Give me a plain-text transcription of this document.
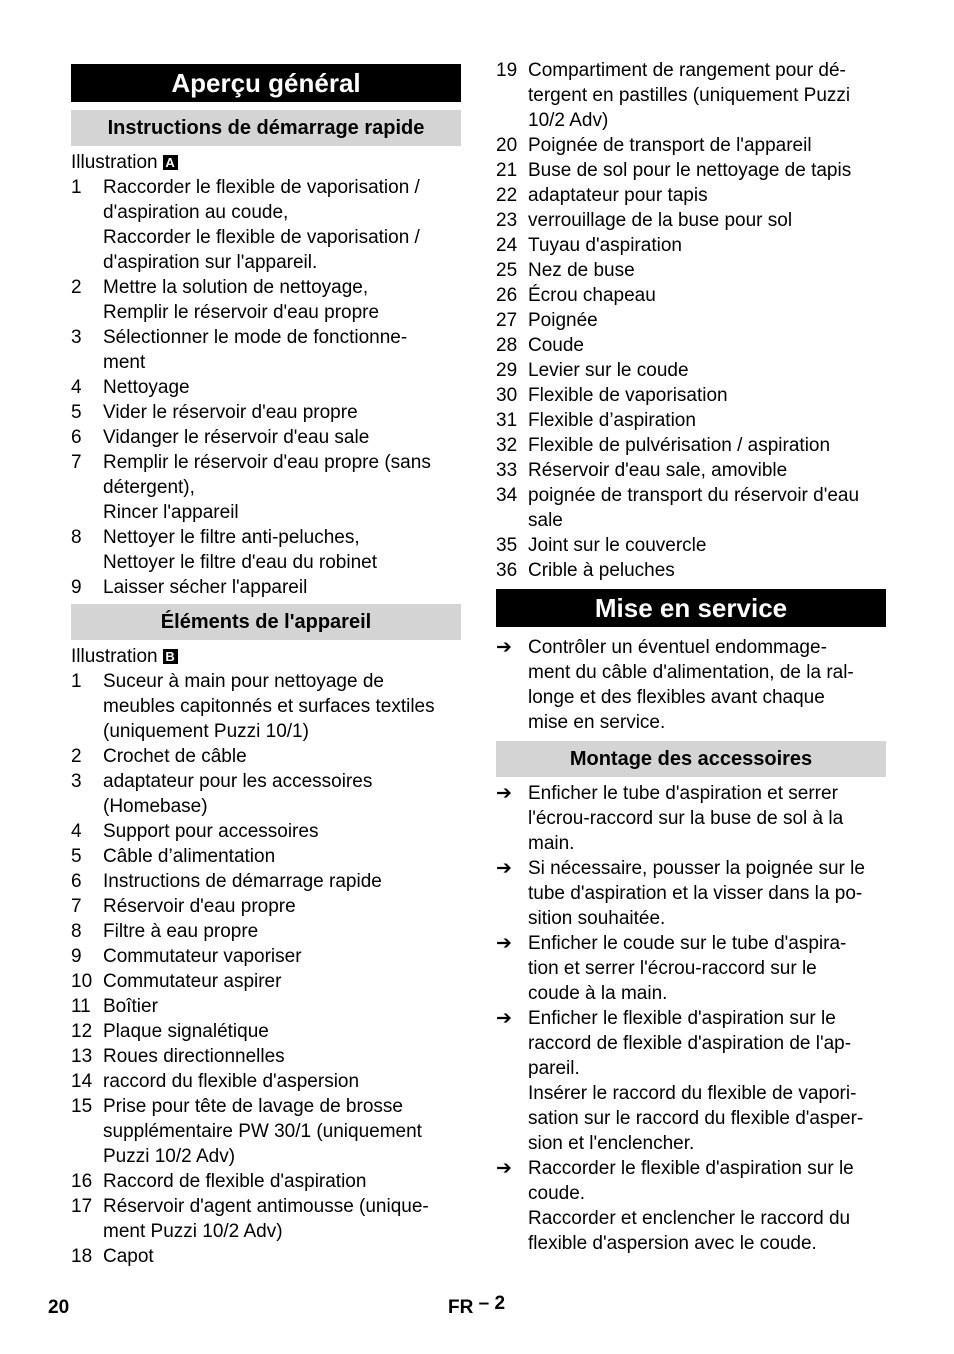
Aperçu général
Instructions de démarrage rapide
Illustration A
1	Raccorder le flexible de vaporisation /
d'aspiration au coude,
Raccorder le flexible de vaporisation /
d'aspiration sur l'appareil.
2	Mettre la solution de nettoyage,
Remplir le réservoir d'eau propre
3	Sélectionner le mode de fonctionne-
ment
4	Nettoyage
5	Vider le réservoir d'eau propre
6	Vidanger le réservoir d'eau sale
7	Remplir le réservoir d'eau propre (sans
détergent),
Rincer l'appareil
8	Nettoyer le filtre anti-peluches,
Nettoyer le filtre d'eau du robinet
9	Laisser sécher l'appareil
Éléments de l'appareil
Illustration B
1	Suceur à main pour nettoyage de
meubles capitonnés et surfaces textiles
(uniquement Puzzi 10/1)
2	Crochet de câble
3	adaptateur pour les accessoires
(Homebase)
4	Support pour accessoires
5	Câble d’alimentation
6	Instructions de démarrage rapide
7	Réservoir d'eau propre
8	Filtre à eau propre
9	Commutateur vaporiser
10 Commutateur aspirer
11 Boîtier
12 Plaque signalétique
13 Roues directionnelles
14 raccord du flexible d'aspersion
15 Prise pour tête de lavage de brosse
supplémentaire PW 30/1 (uniquement
Puzzi 10/2 Adv)
16 Raccord de flexible d'aspiration
17 Réservoir d'agent antimousse (unique-
ment Puzzi 10/2 Adv)
18 Capot
19 Compartiment de rangement pour dé-
tergent en pastilles (uniquement Puzzi
10/2 Adv)
20 Poignée de transport de l'appareil
21 Buse de sol pour le nettoyage de tapis
22 adaptateur pour tapis
23 verrouillage de la buse pour sol
24 Tuyau d'aspiration
25 Nez de buse
26 Écrou chapeau
27 Poignée
28 Coude
29 Levier sur le coude
30 Flexible de vaporisation
31 Flexible d’aspiration
32 Flexible de pulvérisation / aspiration
33 Réservoir d'eau sale, amovible
34 poignée de transport du réservoir d'eau
sale
35 Joint sur le couvercle
36 Crible à peluches
Mise en service
➔ Contrôler un éventuel endommage-
ment du câble d'alimentation, de la ral-
longe et des flexibles avant chaque
mise en service.
Montage des accessoires
➔ Enficher le tube d'aspiration et serrer
l'écrou-raccord sur la buse de sol à la
main.
➔ Si nécessaire, pousser la poignée sur le
tube d'aspiration et la visser dans la po-
sition souhaitée.
➔ Enficher le coude sur le tube d'aspira-
tion et serrer l'écrou-raccord sur le
coude à la main.
➔ Enficher le flexible d'aspiration sur le
raccord de flexible d'aspiration de l'ap-
pareil.
Insérer le raccord du flexible de vapori-
sation sur le raccord du flexible d'asper-
sion et l'enclencher.
➔ Raccorder le flexible d'aspiration sur le
coude.
Raccorder et enclencher le raccord du
flexible d'aspersion avec le coude.
20	FR – 2
